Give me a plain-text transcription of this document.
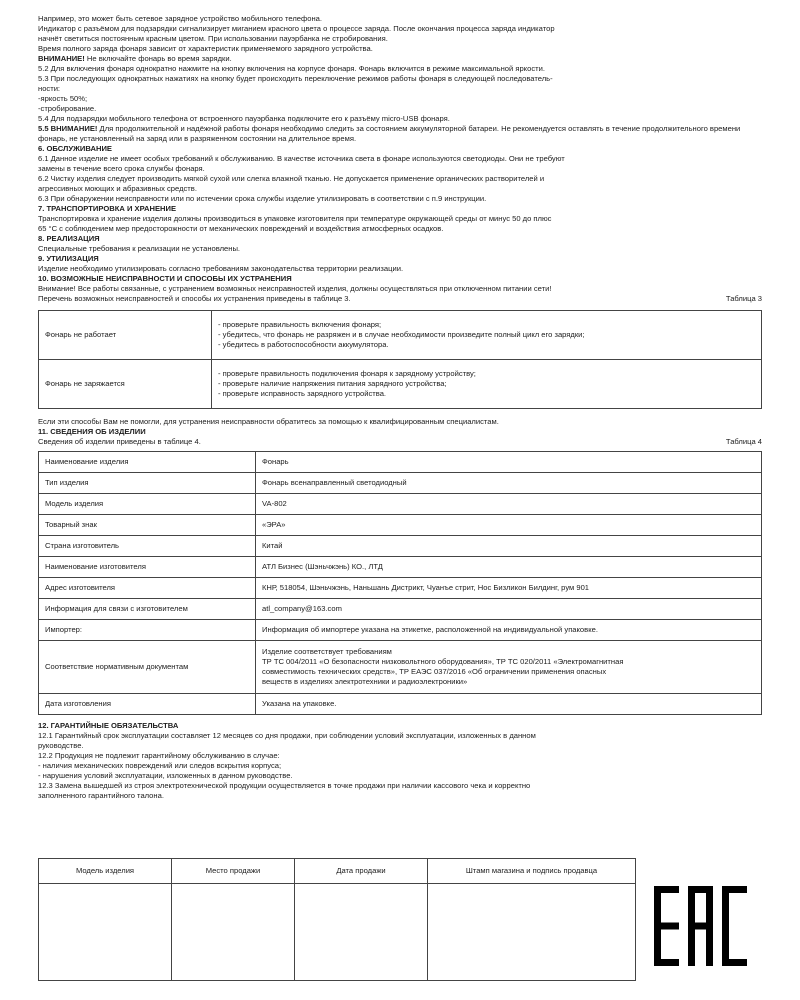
Например, это может быть сетевое зарядное устройство мобильного телефона.

Индикатор с разъёмом для подзарядки сигнализирует миганием красного цвета о процессе заряда. После окончания процесса заряда индикатор

начнёт светиться постоянным красным цветом. При использовании пауэрбанка не стробирования.

Время полного заряда фонаря зависит от характеристик применяемого зарядного устройства.

ВНИМАНИЕ! Не включайте фонарь во время зарядки.

5.2 Для включения фонаря однократно нажмите на кнопку включения на корпусе фонаря. Фонарь включится в режиме максимальной яркости.

5.3 При последующих однократных нажатиях на кнопку будет происходить переключение режимов работы фонаря в следующей последователь-

ности:

-яркость 50%;

-стробирование.

5.4 Для подзарядки мобильного телефона от встроенного пауэрбанка подключите его к разъёму micro-USB фонаря.

5.5 ВНИМАНИЕ! Для продолжительной и надёжной работы фонаря необходимо следить за состоянием аккумуляторной батареи. Не рекомендуется оставлять в течение продолжительного времени фонарь, не установленный на заряд или в разряженном состоянии на длительное время.

6. ОБСЛУЖИВАНИЕ

6.1 Данное изделие не имеет особых требований к обслуживанию. В качестве источника света в фонаре используются светодиоды. Они не требуют

замены в течение всего срока службы фонаря.

6.2 Чистку изделия следует производить мягкой сухой или слегка влажной тканью. Не допускается применение органических растворителей и

агрессивных моющих и абразивных средств.

6.3 При обнаружении неисправности или по истечении срока службы изделие утилизировать в соответствии с п.9 инструкции.

7. ТРАНСПОРТИРОВКА И ХРАНЕНИЕ

Транспортировка и хранение изделия должны производиться в упаковке изготовителя при температуре окружающей среды от минус 50 до плюс

65 °С с соблюдением мер предосторожности от механических повреждений и воздействия атмосферных осадков.

8. РЕАЛИЗАЦИЯ

Специальные требования к реализации не установлены.

9. УТИЛИЗАЦИЯ

Изделие необходимо утилизировать согласно требованиям законодательства территории реализации.

10. ВОЗМОЖНЫЕ НЕИСПРАВНОСТИ И СПОСОБЫ ИХ УСТРАНЕНИЯ

Внимание! Все работы связанные, с устранением возможных неисправностей изделия, должны осуществляться при отключенном питании сети!

Перечень возможных неисправностей и способы их устранения приведены в таблице 3.	Таблица 3
Фонарь не работает	- проверьте правильность включения фонаря;
- убедитесь, что фонарь не разряжен и в случае необходимости произведите полный цикл его зарядки;
- убедитесь в работоспособности аккумулятора.

Фонарь не заряжается	- проверьте правильность подключения фонаря к зарядному устройству;
- проверьте наличие напряжения питания зарядного устройства;
- проверьте исправность зарядного устройства.

Если эти способы Вам не помогли, для устранения неисправности обратитесь за помощью к квалифицированным специалистам.

11. СВЕДЕНИЯ ОБ ИЗДЕЛИИ

Сведения об изделии приведены в таблице 4.	Таблица 4
Наименование изделия	Фонарь
Тип изделия	Фонарь всенаправленный светодиодный
Модель изделия	VA-802
Товарный знак	«ЭРА»
Страна изготовитель	Китай
Наименование изготовителя	АТЛ Бизнес (Шэньчжэнь) КО., ЛТД
Адрес изготовителя	КНР, 518054, Шэньчжэнь, Наньшань Дистрикт, Чуанъе стрит, Нос Бизликон Билдинг, рум 901
Информация для связи с изготовителем	atl_company@163.com
Импортер:	Информация об импортере указана на этикетке, расположенной на индивидуальной упаковке.
Соответствие нормативным документам	Изделие соответствует требованиям
ТР ТС 004/2011 «О безопасности низковольтного оборудования», ТР ТС 020/2011 «Электромагнитная
совместимость технических средств», ТР ЕАЭС 037/2016 «Об ограничении применения опасных
веществ в изделиях электротехники и радиоэлектроники»

Дата изготовления	Указана на упаковке.

12. ГАРАНТИЙНЫЕ ОБЯЗАТЕЛЬСТВА

12.1 Гарантийный срок эксплуатации составляет 12 месяцев со дня продажи, при соблюдении условий эксплуатации, изложенных в данном

руководстве.

12.2 Продукция не подлежит гарантийному обслуживанию в случае:

- наличия механических повреждений или следов вскрытия корпуса;

- нарушения условий эксплуатации, изложенных в данном руководстве.

12.3 Замена вышедшей из строя электротехнической продукции осуществляется в точке продажи при наличии кассового чека и корректно

заполненного гарантийного талона.

Модель изделия	Место продажи	Дата продажи	Штамп магазина и подпись продавца
